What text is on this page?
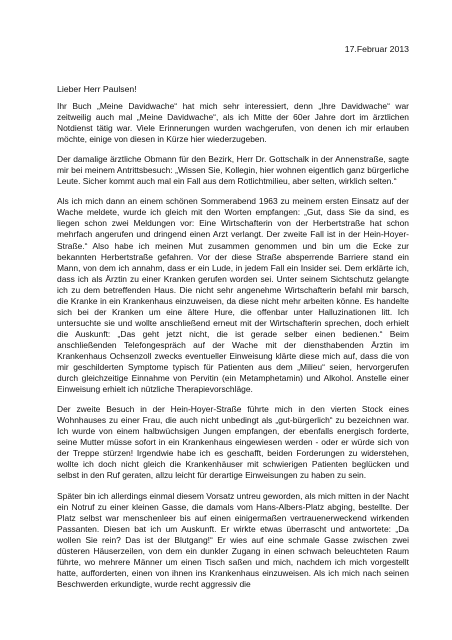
17.Februar 2013

Lieber Herr Paulsen!

Ihr Buch „Meine Davidwache“ hat mich sehr interessiert, denn „Ihre Davidwache“ war zeitweilig auch mal „Meine Davidwache“, als ich Mitte der 60er Jahre dort im ärztlichen Notdienst tätig war. Viele Erinnerungen wurden wachgerufen, von denen ich mir erlauben möchte, einige von diesen in Kürze hier wiederzugeben.

Der damalige ärztliche Obmann für den Bezirk, Herr Dr. Gottschalk in der Annenstraße, sagte mir bei meinem Antrittsbesuch: „Wissen Sie, Kollegin, hier wohnen eigentlich ganz bürgerliche Leute. Sicher kommt auch mal ein Fall aus dem Rotlichtmilieu, aber selten, wirklich selten.“

Als ich mich dann an einem schönen Sommerabend 1963 zu meinem ersten Einsatz auf der Wache meldete, wurde ich gleich mit den Worten empfangen: „Gut, dass Sie da sind, es liegen schon zwei Meldungen vor: Eine Wirtschafterin von der Herbertstraße hat schon mehrfach angerufen und dringend einen Arzt verlangt. Der zweite Fall ist in der Hein-Hoyer-Straße.“ Also habe ich meinen Mut zusammen genommen und bin um die Ecke zur bekannten Herbertstraße gefahren. Vor der diese Straße absperrende Barriere stand ein Mann, von dem ich annahm, dass er ein Lude, in jedem Fall ein Insider sei. Dem erklärte ich, dass ich als Ärztin zu einer Kranken gerufen worden sei. Unter seinem Sichtschutz gelangte ich zu dem betreffenden Haus. Die nicht sehr angenehme Wirtschafterin befahl mir barsch, die Kranke in ein Krankenhaus einzuweisen, da diese nicht mehr arbeiten könne. Es handelte sich bei der Kranken um eine ältere Hure, die offenbar unter Halluzinationen litt. Ich untersuchte sie und wollte anschließend erneut mit der Wirtschafterin sprechen, doch erhielt die Auskunft: „Das geht jetzt nicht, die ist gerade selber einen bedienen.“ Beim anschließenden Telefongespräch auf der Wache mit der diensthabenden Ärztin im Krankenhaus Ochsenzoll zwecks eventueller Einweisung klärte diese mich auf, dass die von mir geschilderten Symptome typisch für Patienten aus dem „Milieu“ seien, hervorgerufen durch gleichzeitige Einnahme von Pervitin (ein Metamphetamin) und Alkohol. Anstelle einer Einweisung erhielt ich nützliche Therapievorschläge.

Der zweite Besuch in der Hein-Hoyer-Straße führte mich in den vierten Stock eines Wohnhauses zu einer Frau, die auch nicht unbedingt als „gut-bürgerlich“ zu bezeichnen war. Ich wurde von einem halbwüchsigen Jungen empfangen, der ebenfalls energisch forderte, seine Mutter müsse sofort in ein Krankenhaus eingewiesen werden - oder er würde sich von der Treppe stürzen! Irgendwie habe ich es geschafft, beiden Forderungen zu widerstehen, wollte ich doch nicht gleich die Krankenhäuser mit schwierigen Patienten beglücken und selbst in den Ruf geraten, allzu leicht für derartige Einweisungen zu haben zu sein.

Später bin ich allerdings einmal diesem Vorsatz untreu geworden, als mich mitten in der Nacht ein Notruf zu einer kleinen Gasse, die damals vom Hans-Albers-Platz abging, bestellte. Der Platz selbst war menschenleer bis auf einen einigermaßen vertrauenerweckend wirkenden Passanten. Diesen bat ich um Auskunft. Er wirkte etwas überrascht und antwortete: „Da wollen Sie rein? Das ist der Blutgang!“ Er wies auf eine schmale Gasse zwischen zwei düsteren Häuserzeilen, von dem ein dunkler Zugang in einen schwach beleuchteten Raum führte, wo mehrere Männer um einen Tisch saßen und mich, nachdem ich mich vorgestellt hatte, aufforderten, einen von ihnen ins Krankenhaus einzuweisen. Als ich mich nach seinen Beschwerden erkundigte, wurde recht aggressiv die
